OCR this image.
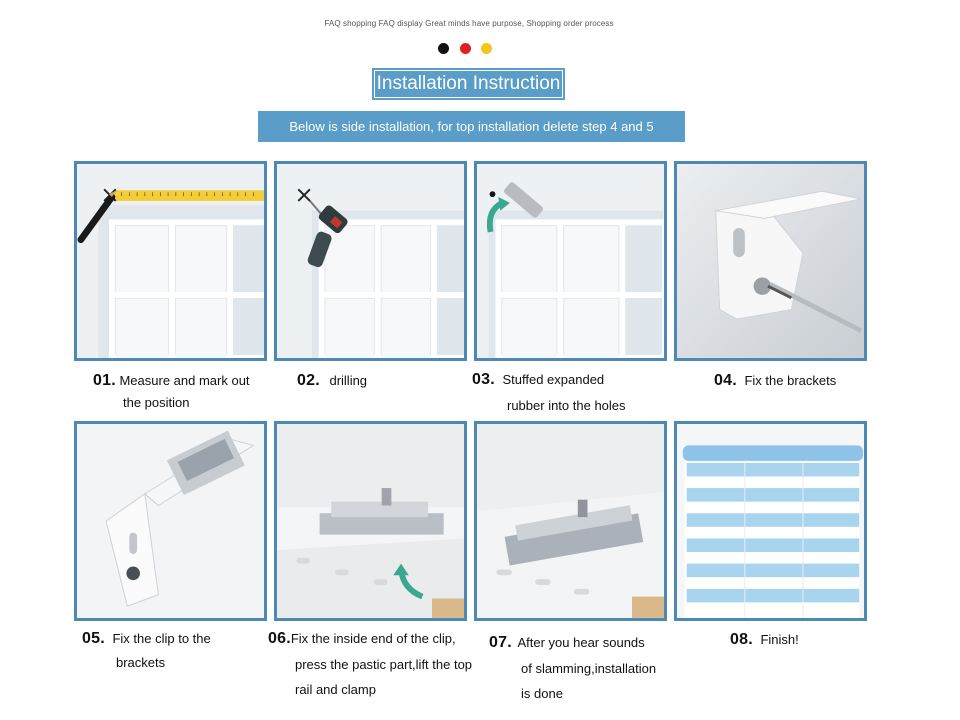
FAQ shopping FAQ display Great minds have purpose, Shopping order process
Installation Instruction
Below is side installation, for top installation delete step 4 and 5
01. Measure and mark out
the position
02. drilling	03. Stuffed expanded
rubber into the holes
04. Fix the brackets
05. Fix the clip to the
brackets
06.Fix the inside end of the clip,
press the pastic part,lift the top
rail and clamp
07. After you hear sounds
of slamming,installation
is done
08. Finish!
